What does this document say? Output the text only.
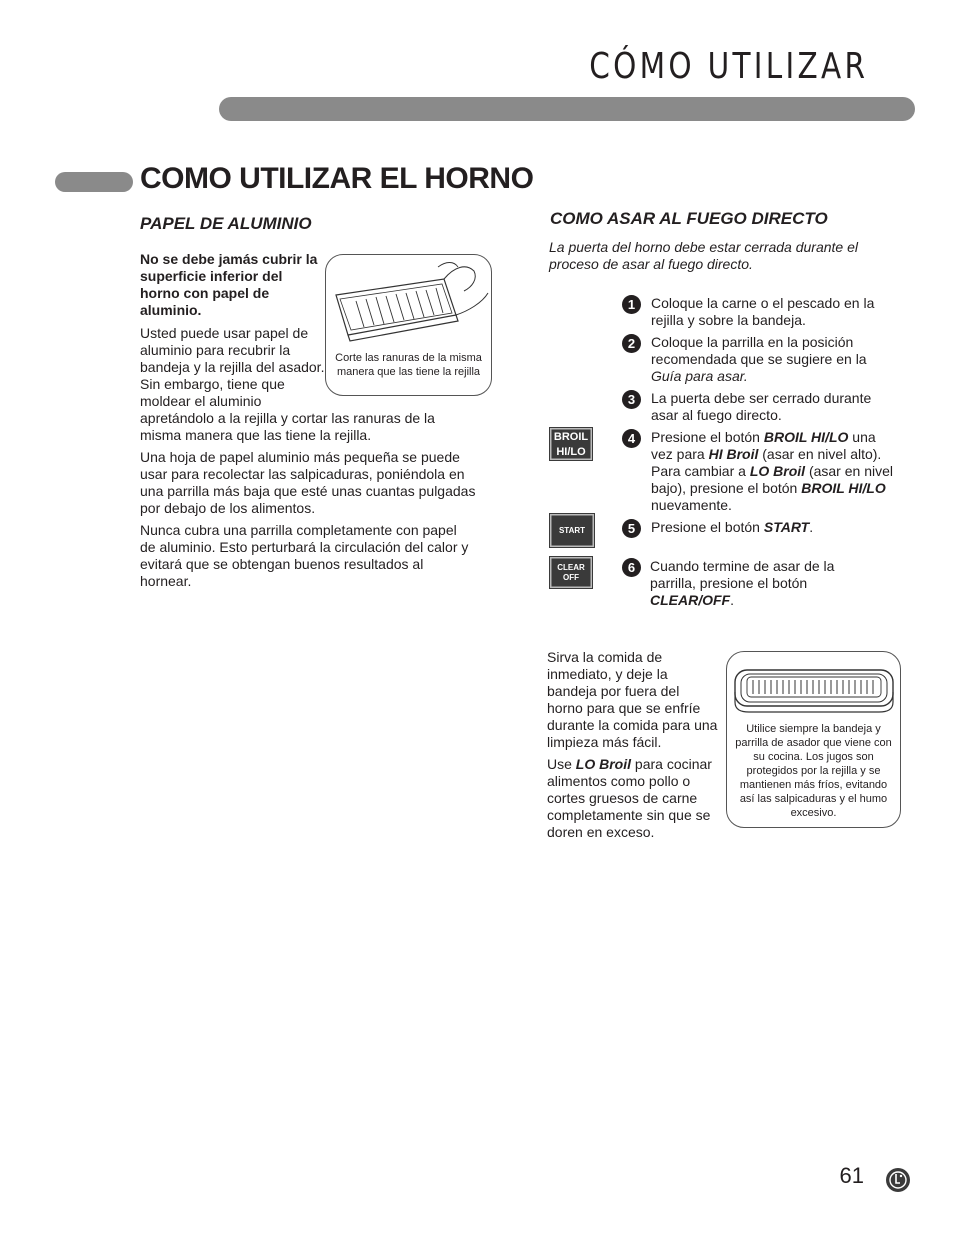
CÓMO UTILIZAR
COMO UTILIZAR EL HORNO
PAPEL DE ALUMINIO
No se debe jamás cubrir la superficie inferior del horno con papel de aluminio.
Usted puede usar papel de aluminio para recubrir la bandeja y la rejilla del asador. Sin embargo, tiene que moldear el aluminio
apretándolo a la rejilla y cortar las ranuras de la misma manera que las tiene la rejilla.
Una hoja de papel aluminio más pequeña se puede usar para recolectar las salpicaduras, poniéndola en una parrilla más baja que esté unas cuantas pulgadas por debajo de los alimentos.
Nunca cubra una parrilla completamente con papel de aluminio. Esto perturbará la circulación del calor y evitará que se obtengan buenos resultados al hornear.
Corte las ranuras de la misma manera que las tiene la rejilla
COMO ASAR AL FUEGO DIRECTO
La puerta del horno debe estar cerrada durante el proceso de asar al fuego directo.
1	Coloque la carne o el pescado en la rejilla y sobre la bandeja.
2	Coloque la parrilla en la posición recomendada que se sugiere en la Guía para asar.
3	La puerta debe ser cerrado durante asar al fuego directo.
4	Presione el botón BROIL HI/LO una vez para HI Broil (asar en nivel alto). Para cambiar a LO Broil (asar en nivel bajo), presione el botón BROIL HI/LO nuevamente.
5	Presione el botón START.
6	Cuando termine de asar de la parrilla, presione el botón CLEAR/OFF.
BROIL
HI/LO
START
CLEAR
OFF
Sirva la comida de inmediato, y deje la bandeja por fuera del horno para que se enfríe durante la comida para una limpieza más fácil.
Use LO Broil para cocinar alimentos como pollo o cortes gruesos de carne completamente sin que se doren en exceso.
Utilice siempre la bandeja y parrilla de asador que viene con su cocina. Los jugos son protegidos por la rejilla y se mantienen más fríos, evitando así las salpicaduras y el humo excesivo.
61
